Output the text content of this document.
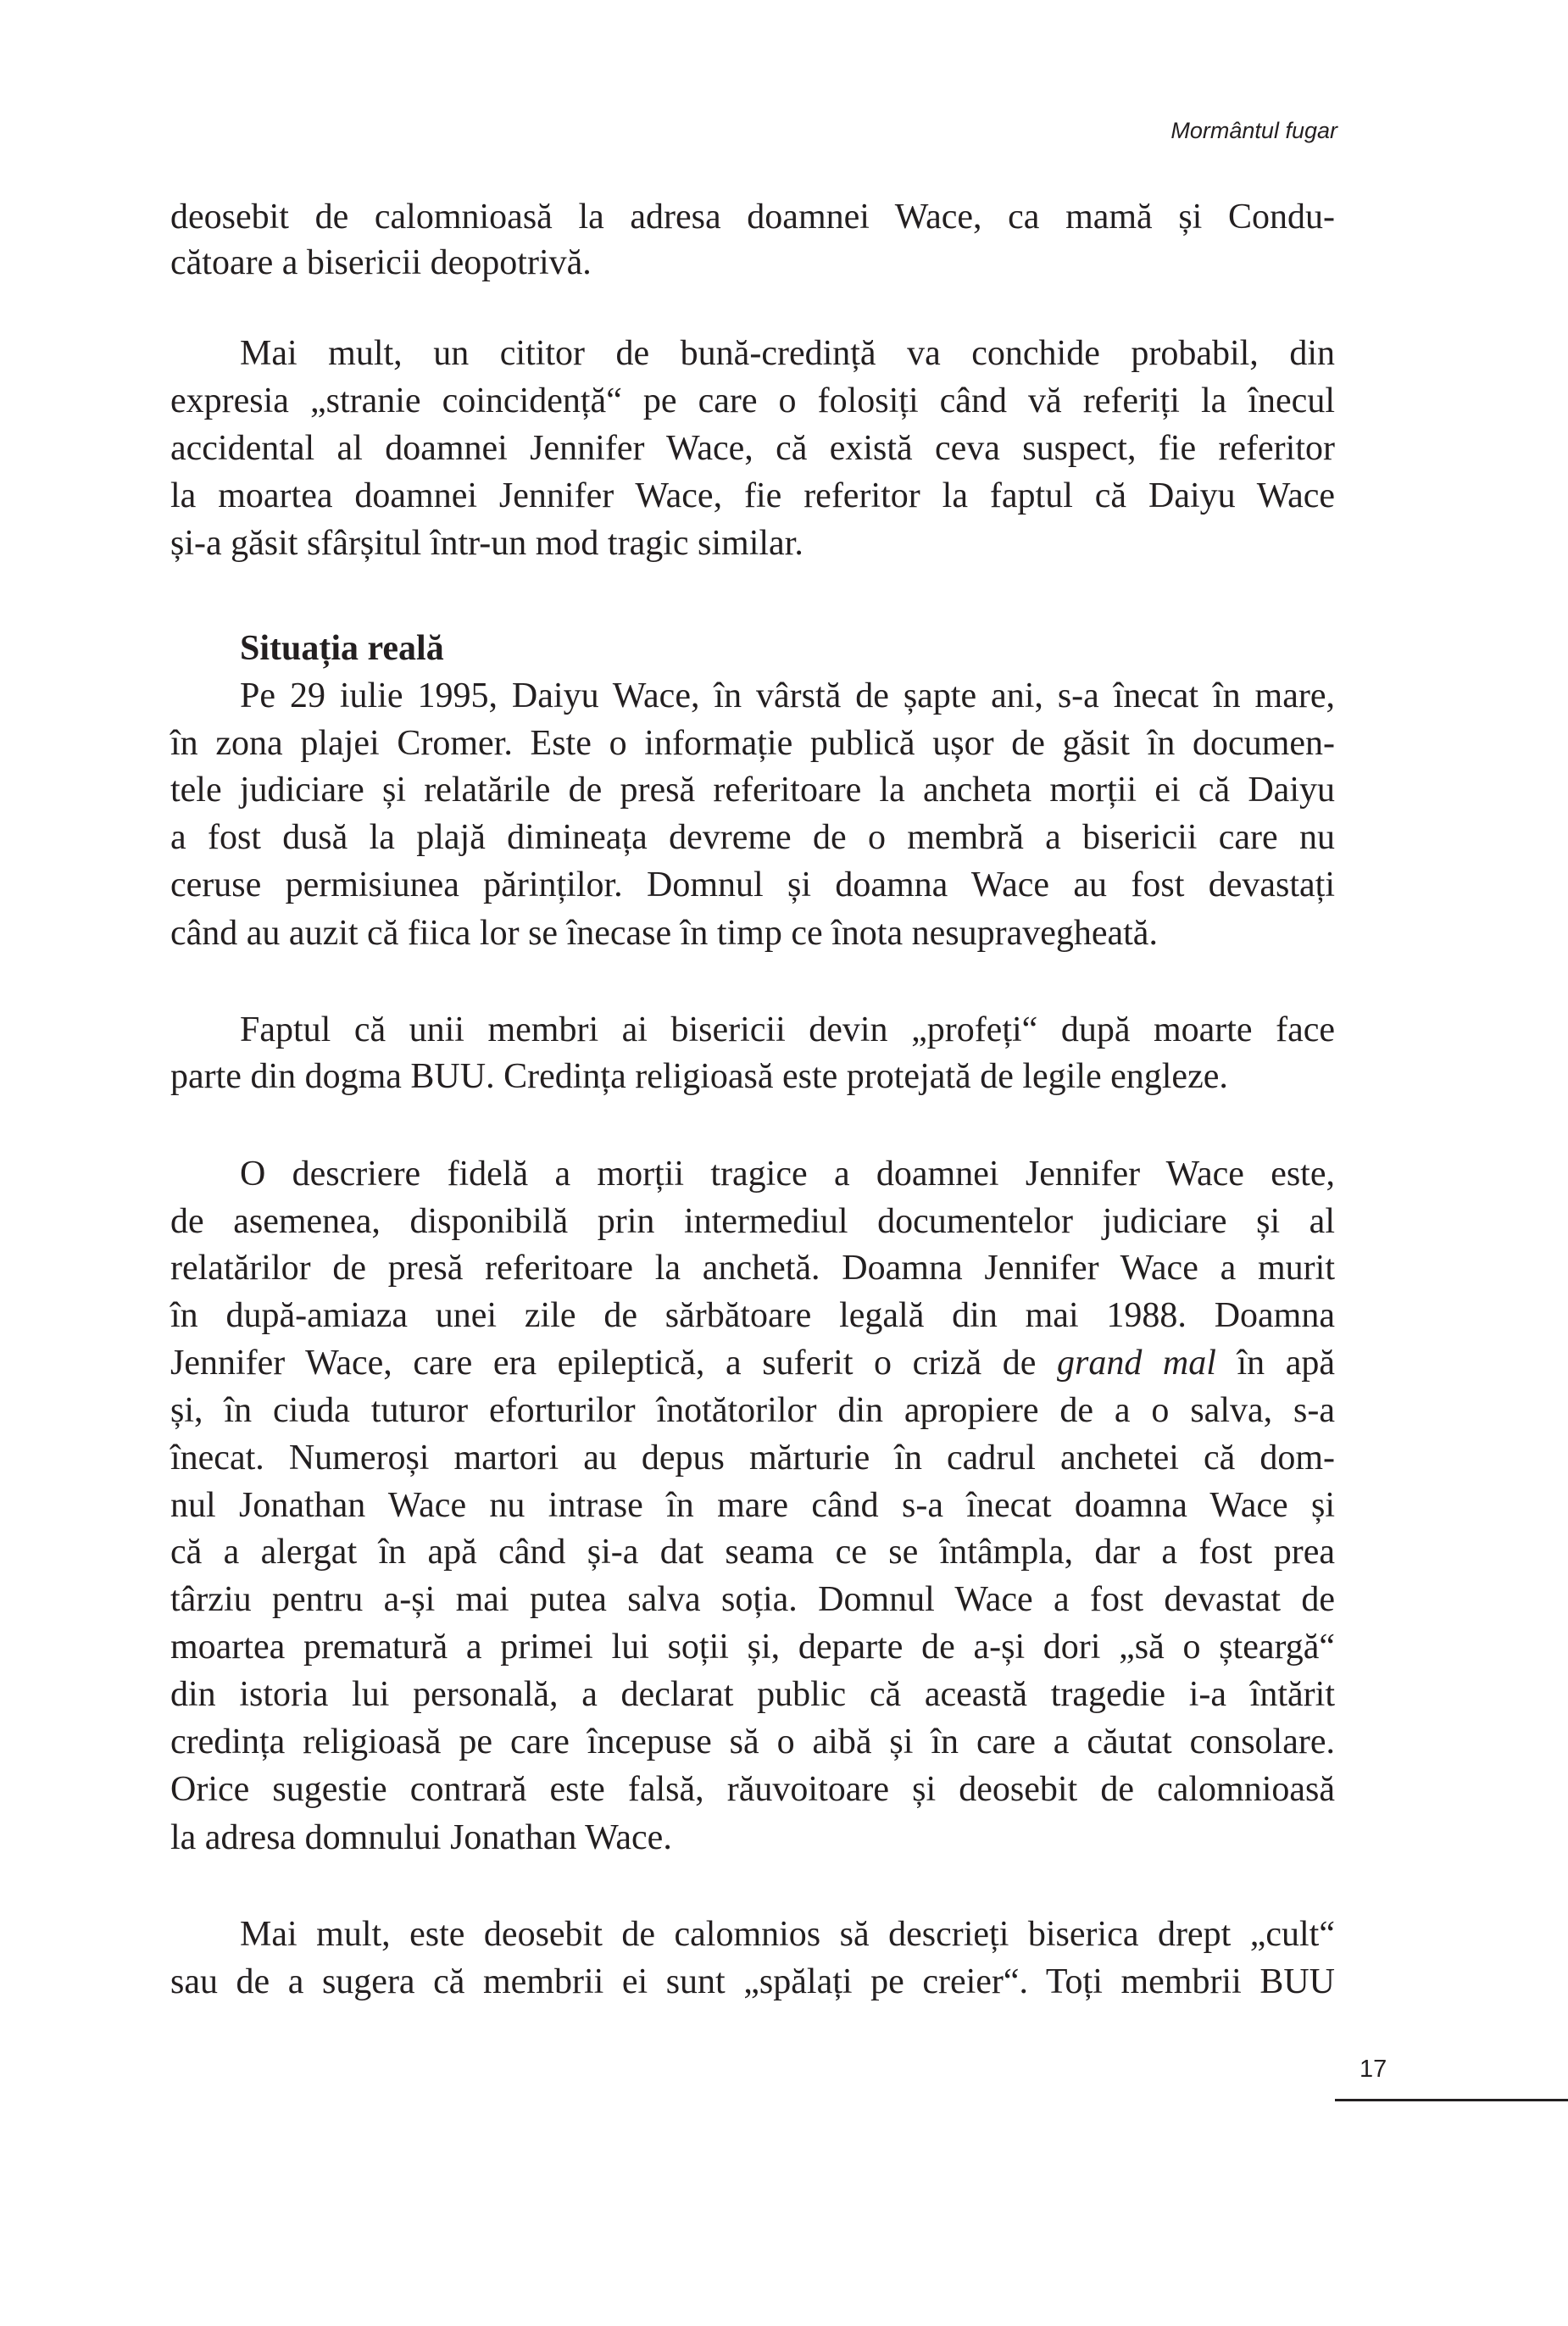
Mormântul fugar
deosebit de calomnioasă la adresa doamnei Wace, ca mamă și Condu-
cătoare a bisericii deopotrivă.
Mai mult, un cititor de bună-credință va conchide probabil, din
expresia „stranie coincidență“ pe care o folosiți când vă referiți la înecul
accidental al doamnei Jennifer Wace, că există ceva suspect, fie referitor
la moartea doamnei Jennifer Wace, fie referitor la faptul că Daiyu Wace
și-a găsit sfârșitul într-un mod tragic similar.
Situația reală
Pe 29 iulie 1995, Daiyu Wace, în vârstă de șapte ani, s-a înecat în mare,
în zona plajei Cromer. Este o informație publică ușor de găsit în documen-
tele judiciare și relatările de presă referitoare la ancheta morții ei că Daiyu
a fost dusă la plajă dimineața devreme de o membră a bisericii care nu
ceruse permisiunea părinților. Domnul și doamna Wace au fost devastați
când au auzit că fiica lor se înecase în timp ce înota nesupravegheată.
Faptul că unii membri ai bisericii devin „profeți“ după moarte face
parte din dogma BUU. Credința religioasă este protejată de legile engleze.
O descriere fidelă a morții tragice a doamnei Jennifer Wace este,
de asemenea, disponibilă prin intermediul documentelor judiciare și al
relatărilor de presă referitoare la anchetă. Doamna Jennifer Wace a murit
în după-amiaza unei zile de sărbătoare legală din mai 1988. Doamna
Jennifer Wace, care era epileptică, a suferit o criză de grand mal în apă
și, în ciuda tuturor eforturilor înotătorilor din apropiere de a o salva, s-a
înecat. Numeroși martori au depus mărturie în cadrul anchetei că dom-
nul Jonathan Wace nu intrase în mare când s-a înecat doamna Wace și
că a alergat în apă când și-a dat seama ce se întâmpla, dar a fost prea
târziu pentru a-și mai putea salva soția. Domnul Wace a fost devastat de
moartea prematură a primei lui soții și, departe de a-și dori „să o șteargă“
din istoria lui personală, a declarat public că această tragedie i-a întărit
credința religioasă pe care începuse să o aibă și în care a căutat consolare.
Orice sugestie contrară este falsă, răuvoitoare și deosebit de calomnioasă
la adresa domnului Jonathan Wace.
Mai mult, este deosebit de calomnios să descrieți biserica drept „cult“
sau de a sugera că membrii ei sunt „spălați pe creier“. Toți membrii BUU
17
